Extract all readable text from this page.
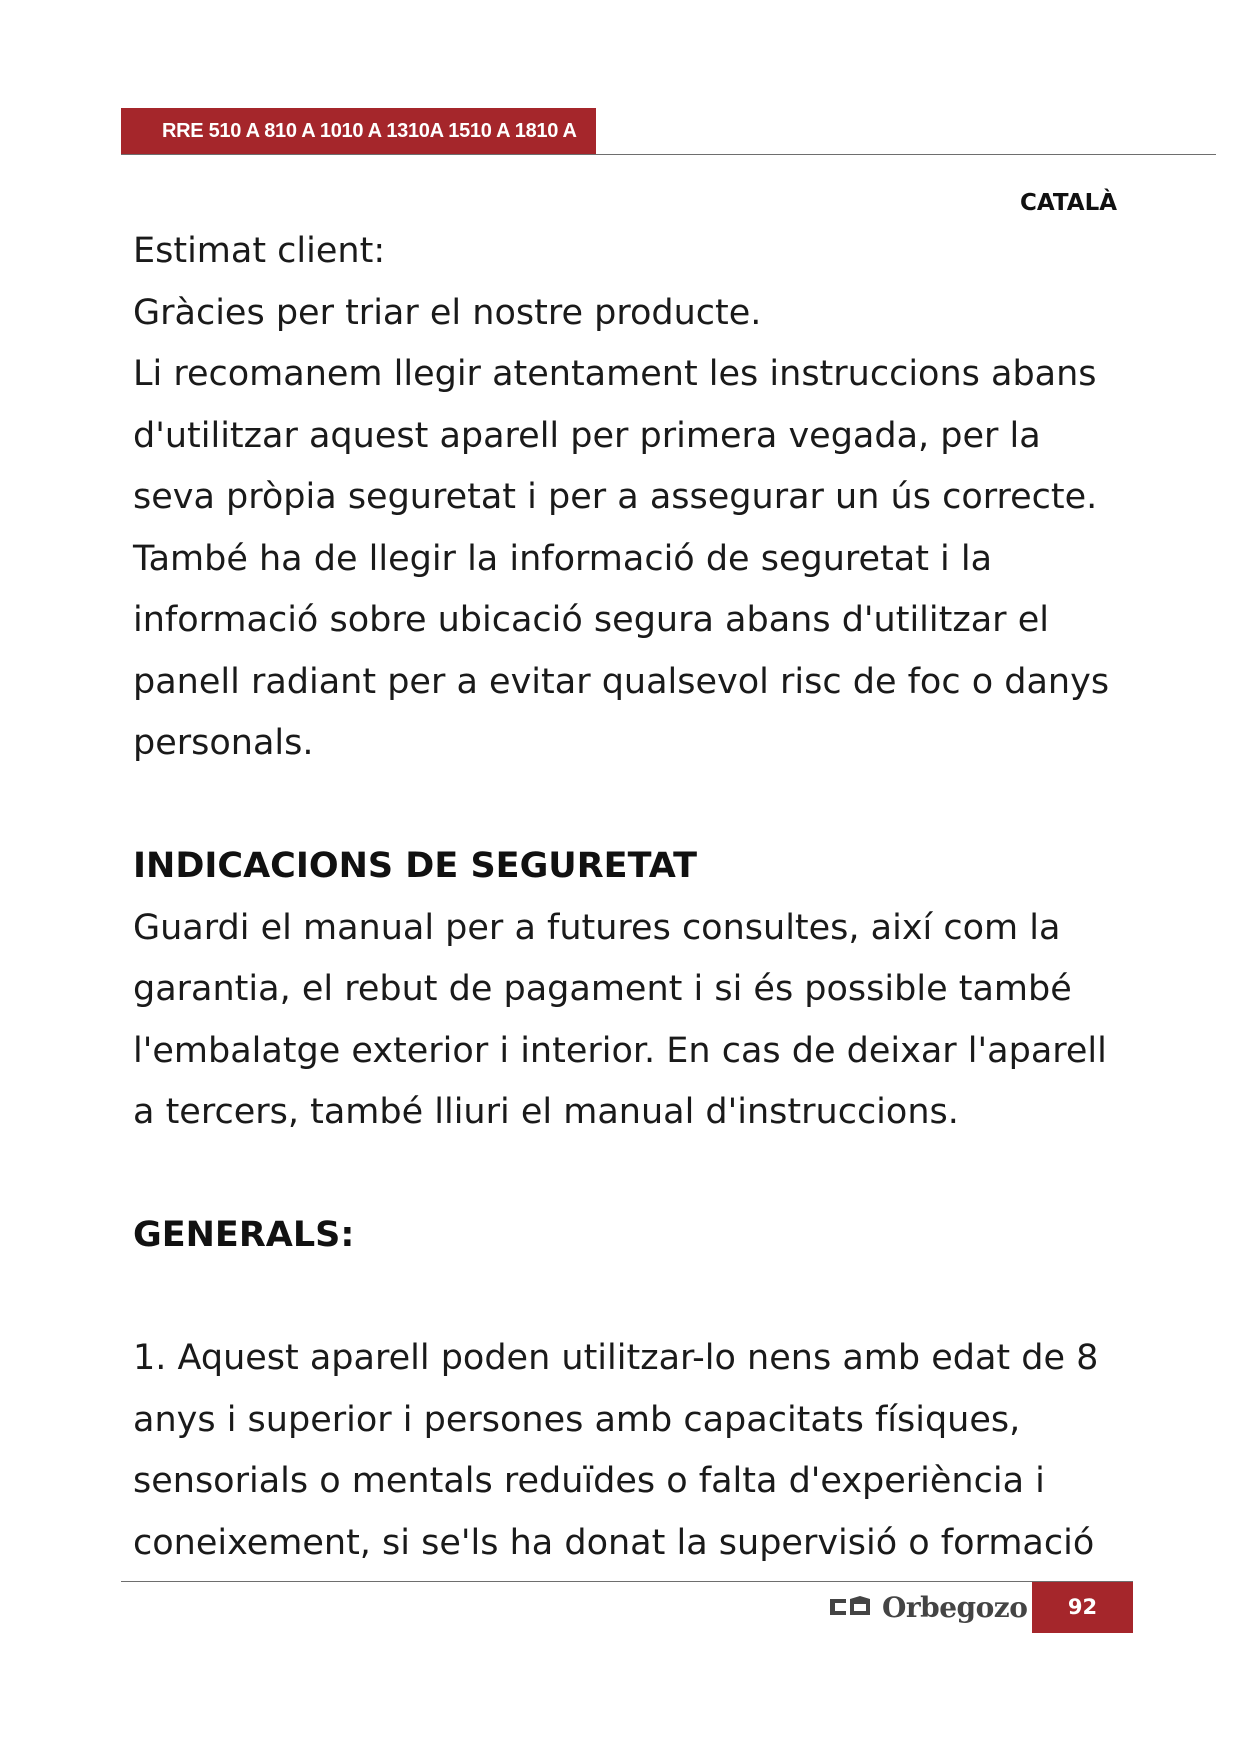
RRE 510 A 810 A 1010 A 1310A 1510 A 1810 A
CATALÀ

Estimat client:

Gràcies per triar el nostre producte.

Li recomanem llegir atentament les instruccions abans d'utilitzar aquest aparell per primera vegada, per la seva pròpia seguretat i per a assegurar un ús correcte.

També ha de llegir la informació de seguretat i la informació sobre ubicació segura abans d'utilitzar el panell radiant per a evitar qualsevol risc de foc o danys personals.

INDICACIONS DE SEGURETAT

Guardi el manual per a futures consultes, així com la garantia, el rebut de pagament i si és possible també l'embalatge exterior i interior. En cas de deixar l'aparell a tercers, també lliuri el manual d'instruccions.

GENERALS:

1. Aquest aparell poden utilitzar-lo nens amb edat de 8 anys i superior i persones amb capacitats físiques, sensorials o mentals reduïdes o falta d'experiència i coneixement, si se'ls ha donat la supervisió o formació

Orbegozo	92
